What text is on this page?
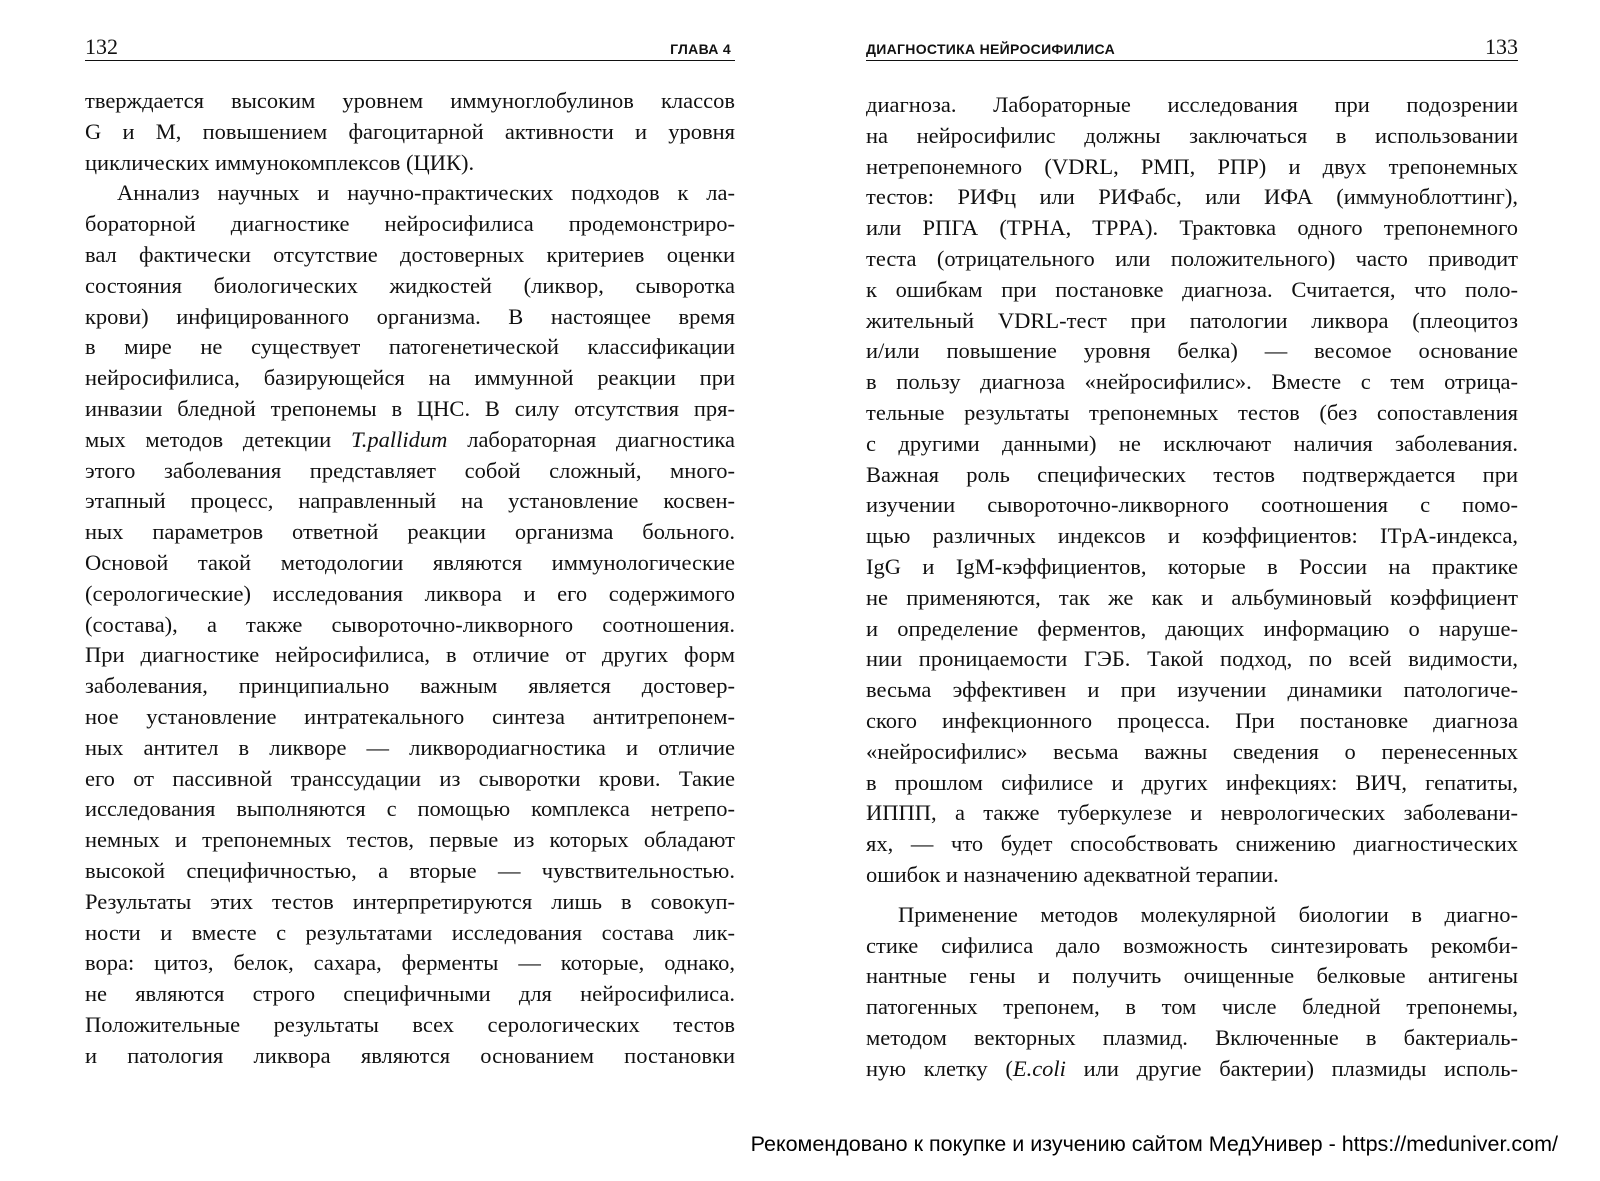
132	ГЛАВА 4
тверждается высоким уровнем иммуноглобулинов классов
G и M, повышением фагоцитарной активности и уровня
циклических иммунокомплексов (ЦИК).
Аннализ научных и научно-практических подходов к ла-
бораторной диагностике нейросифилиса продемонстриро-
вал фактически отсутствие достоверных критериев оценки
состояния биологических жидкостей (ликвор, сыворотка
крови) инфицированного организма. В настоящее время
в мире не существует патогенетической классификации
нейросифилиса, базирующейся на иммунной реакции при
инвазии бледной трепонемы в ЦНС. В силу отсутствия пря-
мых методов детекции T.pallidum лабораторная диагностика
этого заболевания представляет собой сложный, много-
этапный процесс, направленный на установление косвен-
ных параметров ответной реакции организма больного.
Основой такой методологии являются иммунологические
(серологические) исследования ликвора и его содержимого
(состава), а также сывороточно-ликворного соотношения.
При диагностике нейросифилиса, в отличие от других форм
заболевания, принципиально важным является достовер-
ное установление интратекального синтеза антитрепонем-
ных антител в ликворе — ликвородиагностика и отличие
его от пассивной транссудации из сыворотки крови. Такие
исследования выполняются с помощью комплекса нетрепо-
немных и трепонемных тестов, первые из которых обладают
высокой специфичностью, а вторые — чувствительностью.
Результаты этих тестов интерпретируются лишь в совокуп-
ности и вместе с результатами исследования состава лик-
вора: цитоз, белок, сахара, ферменты — которые, однако,
не являются строго специфичными для нейросифилиса.
Положительные результаты всех серологических тестов
и патология ликвора являются основанием постановки
ДИАГНОСТИКА НЕЙРОСИФИЛИСА	133
диагноза. Лабораторные исследования при подозрении
на нейросифилис должны заключаться в использовании
нетрепонемного (VDRL, РМП, РПР) и двух трепонемных
тестов: РИФц или РИФабс, или ИФА (иммуноблоттинг),
или РПГА (TPHA, TPPA). Трактовка одного трепонемного
теста (отрицательного или положительного) часто приводит
к ошибкам при постановке диагноза. Считается, что поло-
жительный VDRL-тест при патологии ликвора (плеоцитоз
и/или повышение уровня белка) — весомое основание
в пользу диагноза «нейросифилис». Вместе с тем отрица-
тельные результаты трепонемных тестов (без сопоставления
с другими данными) не исключают наличия заболевания.
Важная роль специфических тестов подтверждается при
изучении сывороточно-ликворного соотношения с помо-
щью различных индексов и коэффициентов: ITpA-индекса,
IgG и IgM-кэффициентов, которые в России на практике
не применяются, так же как и альбуминовый коэффициент
и определение ферментов, дающих информацию о наруше-
нии проницаемости ГЭБ. Такой подход, по всей видимости,
весьма эффективен и при изучении динамики патологиче-
ского инфекционного процесса. При постановке диагноза
«нейросифилис» весьма важны сведения о перенесенных
в прошлом сифилисе и других инфекциях: ВИЧ, гепатиты,
ИППП, а также туберкулезе и неврологических заболевани-
ях, — что будет способствовать снижению диагностических
ошибок и назначению адекватной терапии.
Применение методов молекулярной биологии в диагно-
стике сифилиса дало возможность синтезировать рекомби-
нантные гены и получить очищенные белковые антигены
патогенных трепонем, в том числе бледной трепонемы,
методом векторных плазмид. Включенные в бактериаль-
ную клетку (E.coli или другие бактерии) плазмиды исполь-
Рекомендовано к покупке и изучению сайтом МедУнивер - https://meduniver.com/
